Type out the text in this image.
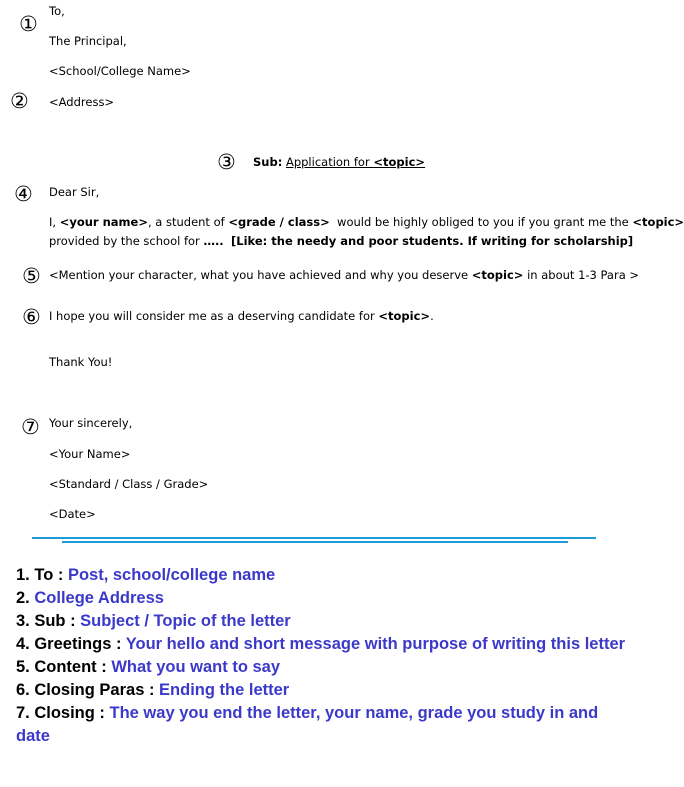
①
②
③
④
⑤
⑥
⑦
To,
The Principal,
<School/College Name>
<Address>
Sub: Application for <topic>
Dear Sir,
I, <your name>, a student of <grade / class>  would be highly obliged to you if you grant me the <topic>
provided by the school for ….. [Like: the needy and poor students. If writing for scholarship]
<Mention your character, what you have achieved and why you deserve <topic> in about 1-3 Para >
I hope you will consider me as a deserving candidate for <topic>.
Thank You!
Your sincerely,
<Your Name>
<Standard / Class / Grade>
<Date>
1. To : Post, school/college name
2. College Address
3. Sub : Subject / Topic of the letter
4. Greetings : Your hello and short message with purpose of writing this letter
5. Content : What you want to say
6. Closing Paras : Ending the letter
7. Closing : The way you end the letter, your name, grade you study in and date
